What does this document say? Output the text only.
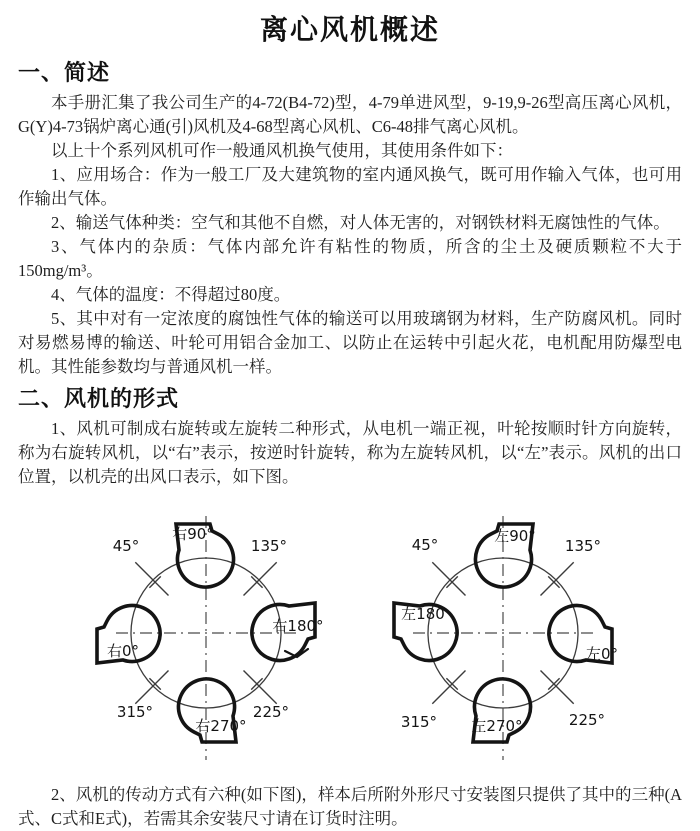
离心风机概述
一、简述

本手册汇集了我公司生产的4-72(B4-72)型，4-79单进风型，9-19,9-26型高压离心风机，G(Y)4-73锅炉离心通(引)风机及4-68型离心风机、C6-48排气离心风机。

以上十个系列风机可作一般通风机换气使用，其使用条件如下：

1、应用场合：作为一般工厂及大建筑物的室内通风换气，既可用作输入气体，也可用作输出气体。

2、输送气体种类：空气和其他不自燃，对人体无害的，对钢铁材料无腐蚀性的气体。

3、气体内的杂质：气体内部允许有粘性的物质，所含的尘土及硬质颗粒不大于150mg/m³。

4、气体的温度：不得超过80度。

5、其中对有一定浓度的腐蚀性气体的输送可以用玻璃钢为材料，生产防腐风机。同时对易燃易博的输送、叶轮可用铝合金加工、以防止在运转中引起火花，电机配用防爆型电机。其性能参数均与普通风机一样。

二、风机的形式

1、风机可制成右旋转或左旋转二种形式，从电机一端正视，叶轮按顺时针方向旋转，称为右旋转风机，以“右”表示，按逆时针旋转，称为左旋转风机，以“左”表示。风机的出口位置，以机壳的出风口表示，如下图。

45°	135°
315°	225°
右90°
右180°
右270°
右0°
45°	135°
315°	225°
左90°
左0°
左270°
左180

2、风机的传动方式有六种(如下图)，样本后所附外形尺寸安装图只提供了其中的三种(A式、C式和E式)，若需其余安装尺寸请在订货时注明。
